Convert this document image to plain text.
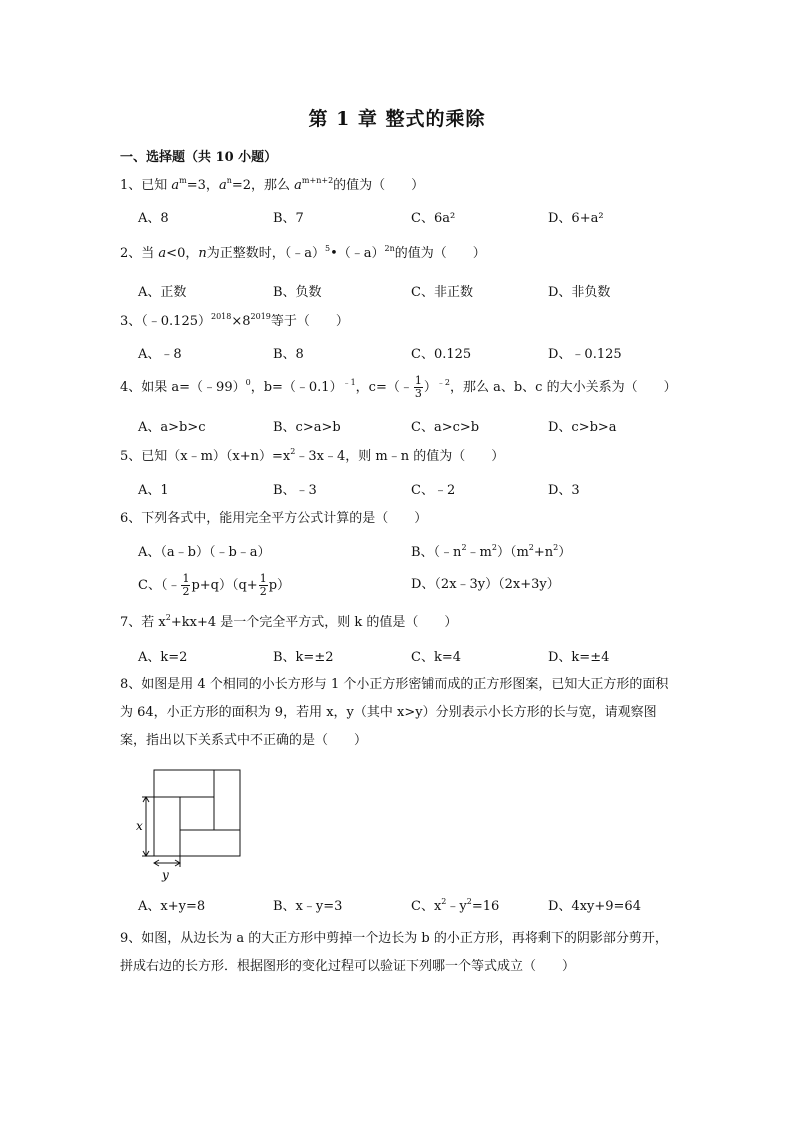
第 1 章 整式的乘除
一、选择题（共 10 小题）
1、已知 $a^m=3$，$a^n=2$，那么 $a^{m+n+2}$的值为（　　）
A、8	B、7	C、6a²	D、6+a²
2、当 a<0，n为正整数时，（﹣a）$^5$•（﹣a）$^{2n}$的值为（　　）
A、正数	B、负数	C、非正数	D、非负数
3、$(﹣0.125)^{2018}\times 8^{2019}$等于（　　）
A、﹣8	B、8	C、0.125	D、﹣0.125
4、如果 a=（﹣99）$^0$，b=（﹣0.1）$^{﹣1}$，c=（﹣ $\frac{1}{3} )^{﹣2}$，那么 a、b、c 的大小关系为（　　）
A、a>b>c	B、c>a>b	C、a>c>b	D、c>b>a
5、已知$(x﹣m)(x+n)=x^2﹣3x﹣4$，则 m﹣n 的值为（　　）
A、1	B、﹣3	C、﹣2	D、3
6、下列各式中，能用完全平方公式计算的是（　　）
A、（a﹣b）（﹣b﹣a）	B、$(﹣n^2﹣m^2)(m^2+n^2)$
C、（﹣ $\frac{1}{2} p+q)(q+ \frac{1}{2} p)$	D、（2x﹣3y）（2x+3y）
7、若 $x^2+kx+4$ 是一个完全平方式，则 k 的值是（　　）
A、k=2	B、k=±2	C、k=4	D、k=±4
8、如图是用 4 个相同的小长方形与 1 个小正方形密铺而成的正方形图案，已知大正方形的面积为 64，小正方形的面积为 9，若用 x，y（其中 x>y）分别表示小长方形的长与宽，请观察图案，指出以下关系式中不正确的是（　　）
x
y
A、x+y=8	B、x﹣y=3	C、$x^2﹣y^2=16$	D、4xy+9=64
9、如图，从边长为 a 的大正方形中剪掉一个边长为 b 的小正方形，再将剩下的阴影部分剪开，拼成右边的长方形．根据图形的变化过程可以验证下列哪一个等式成立（　　）
